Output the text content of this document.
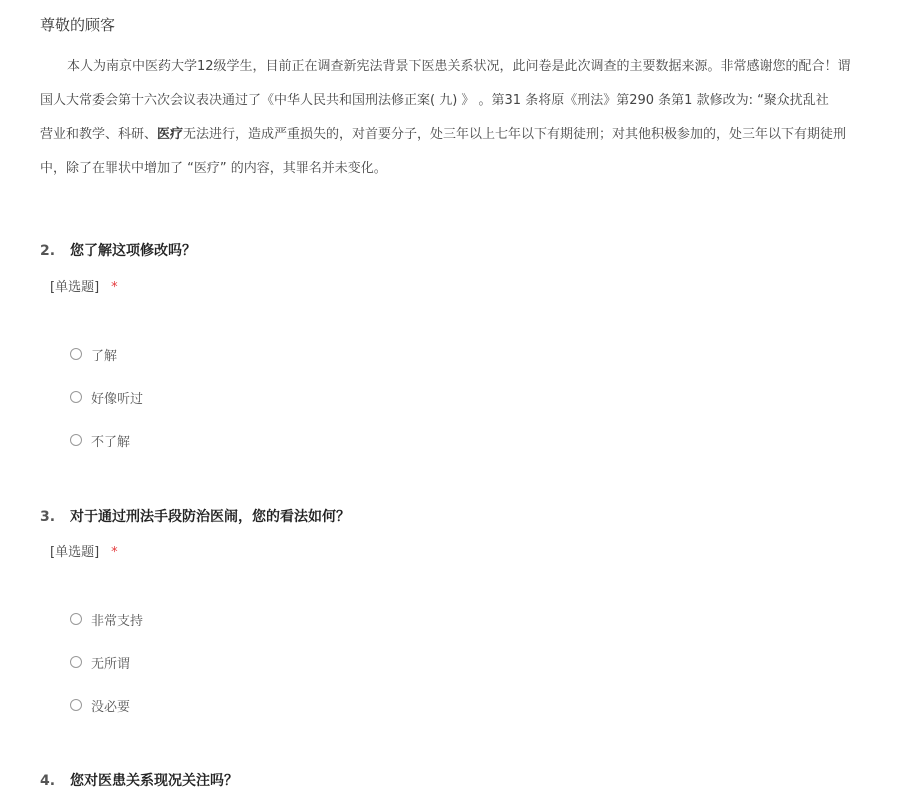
尊敬的顾客
本人为南京中医药大学12级学生，目前正在调查新宪法背景下医患关系状况，此问卷是此次调查的主要数据来源。非常感谢您的配合！谓
国人大常委会第十六次会议表决通过了《中华人民共和国刑法修正案( 九) 》 。第31 条将原《刑法》第290 条第1 款修改为: “聚众扰乱社
营业和教学、科研、医疗无法进行，造成严重损失的，对首要分子，处三年以上七年以下有期徒刑；对其他积极参加的，处三年以下有期徒刑
中，除了在罪状中增加了 “医疗” 的内容，其罪名并未变化。
2. 您了解这项修改吗？
[单选题] *
了解
好像听过
不了解
3. 对于通过刑法手段防治医闹，您的看法如何？
[单选题] *
非常支持
无所谓
没必要
4. 您对医患关系现况关注吗？
